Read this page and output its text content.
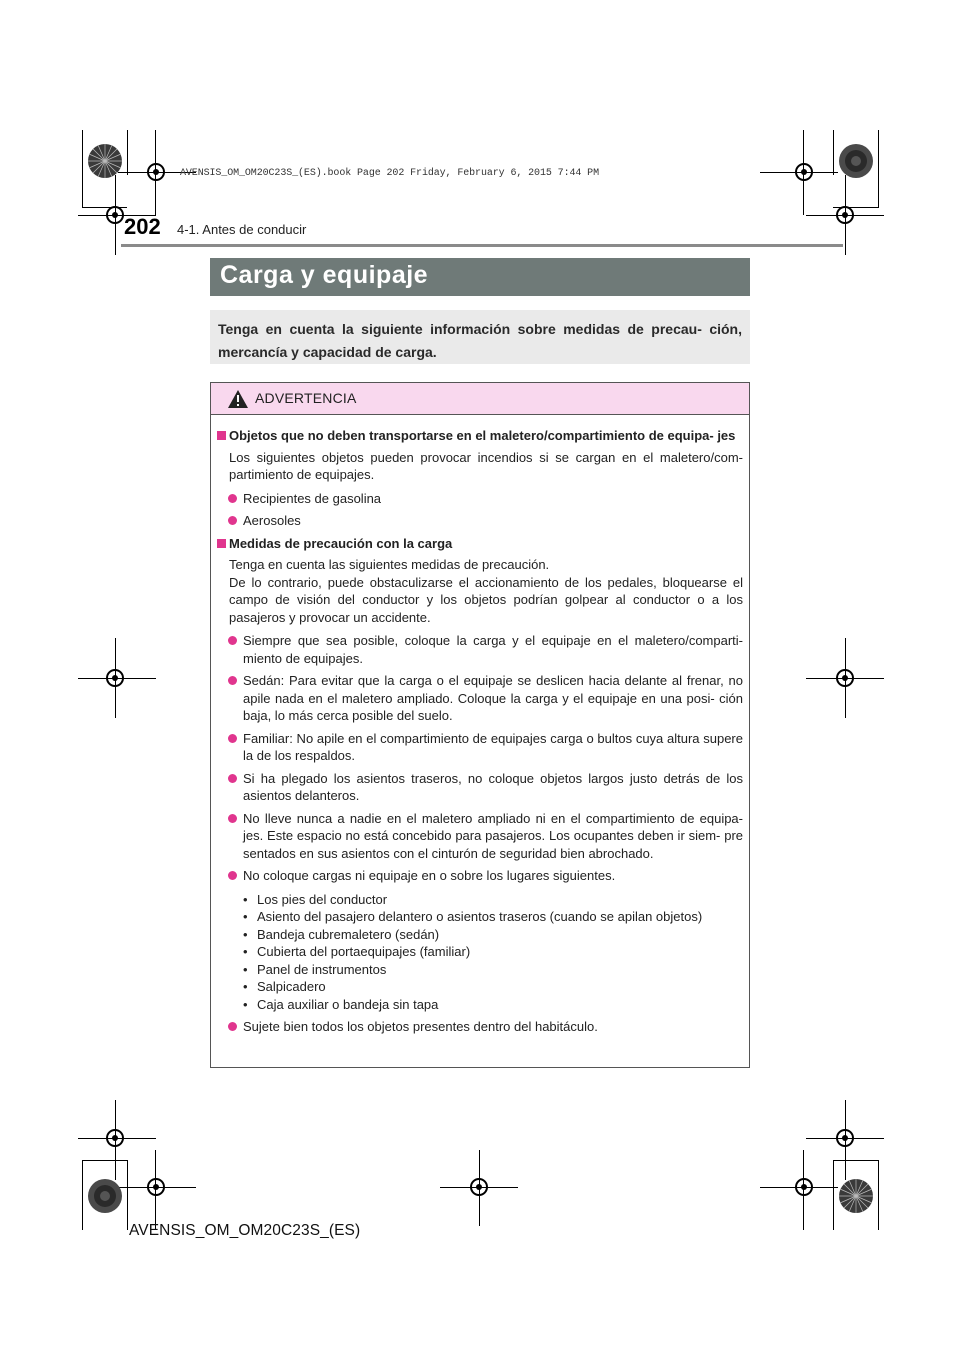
AVENSIS_OM_OM20C23S_(ES).book Page 202 Friday, February 6, 2015 7:44 PM
202 4-1. Antes de conducir
Carga y equipaje

Tenga en cuenta la siguiente información sobre medidas de precau- ción, mercancía y capacidad de carga.

ADVERTENCIA
Objetos que no deben transportarse en el maletero/compartimiento de equipa- jes
Los siguientes objetos pueden provocar incendios si se cargan en el maletero/com- partimiento de equipajes.
Recipientes de gasolina
Aerosoles
Medidas de precaución con la carga
Tenga en cuenta las siguientes medidas de precaución.
De lo contrario, puede obstaculizarse el accionamiento de los pedales, bloquearse el campo de visión del conductor y los objetos podrían golpear al conductor o a los pasajeros y provocar un accidente.
Siempre que sea posible, coloque la carga y el equipaje en el maletero/comparti- miento de equipajes.
Sedán: Para evitar que la carga o el equipaje se deslicen hacia delante al frenar, no apile nada en el maletero ampliado. Coloque la carga y el equipaje en una posi- ción baja, lo más cerca posible del suelo.
Familiar: No apile en el compartimiento de equipajes carga o bultos cuya altura supere la de los respaldos.
Si ha plegado los asientos traseros, no coloque objetos largos justo detrás de los asientos delanteros.
No lleve nunca a nadie en el maletero ampliado ni en el compartimiento de equipa- jes. Este espacio no está concebido para pasajeros. Los ocupantes deben ir siem- pre sentados en sus asientos con el cinturón de seguridad bien abrochado.
No coloque cargas ni equipaje en o sobre los lugares siguientes.
• Los pies del conductor
• Asiento del pasajero delantero o asientos traseros (cuando se apilan objetos)
• Bandeja cubremaletero (sedán)
• Cubierta del portaequipajes (familiar)
• Panel de instrumentos
• Salpicadero
• Caja auxiliar o bandeja sin tapa
Sujete bien todos los objetos presentes dentro del habitáculo.
AVENSIS_OM_OM20C23S_(ES)
